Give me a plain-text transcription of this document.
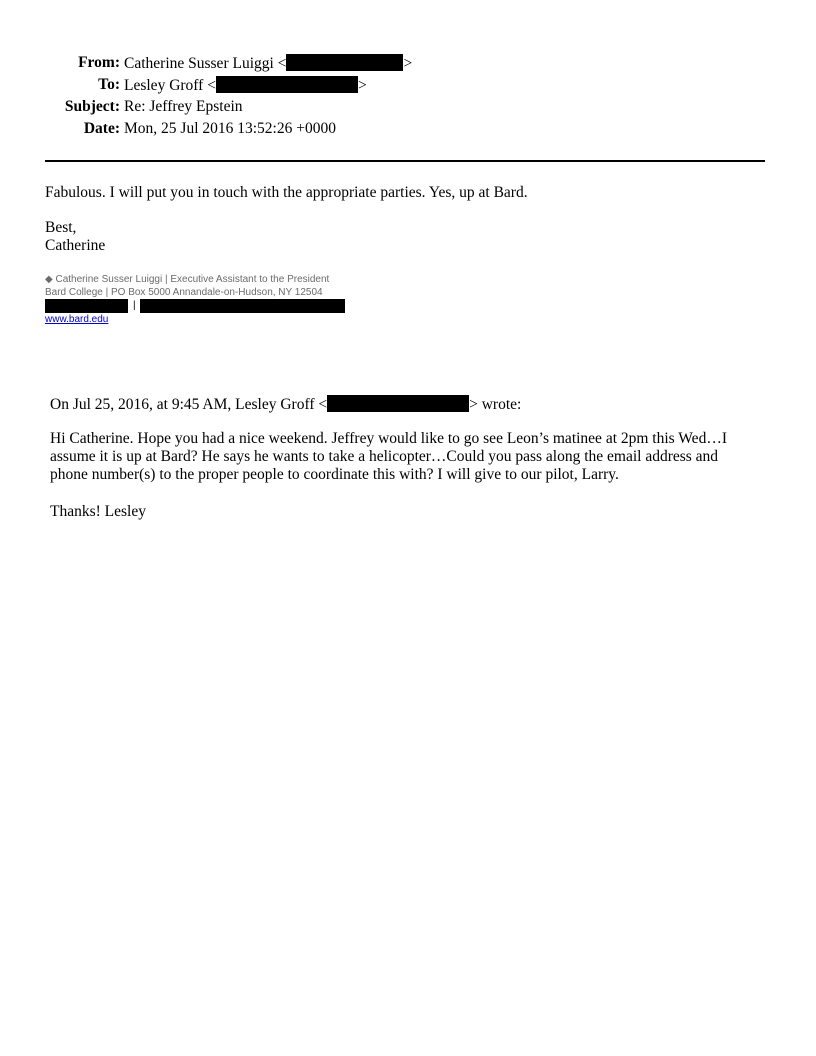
From: Catherine Susser Luiggi <	>
To: Lesley Groff <	>
Subject: Re: Jeffrey Epstein
Date: Mon, 25 Jul 2016 13:52:26 +0000
Fabulous. I will put you in touch with the appropriate parties. Yes, up at Bard.
Best,
Catherine
◆ Catherine Susser Luiggi | Executive Assistant to the President
Bard College | PO Box 5000 Annandale-on-Hudson, NY 12504
|
www.bard.edu
On Jul 25, 2016, at 9:45 AM, Lesley Groff <	> wrote:
Hi Catherine. Hope you had a nice weekend. Jeffrey would like to go see Leon’s matinee at 2pm this Wed…I
assume it is up at Bard? He says he wants to take a helicopter…Could you pass along the email address and
phone number(s) to the proper people to coordinate this with? I will give to our pilot, Larry.
Thanks! Lesley
